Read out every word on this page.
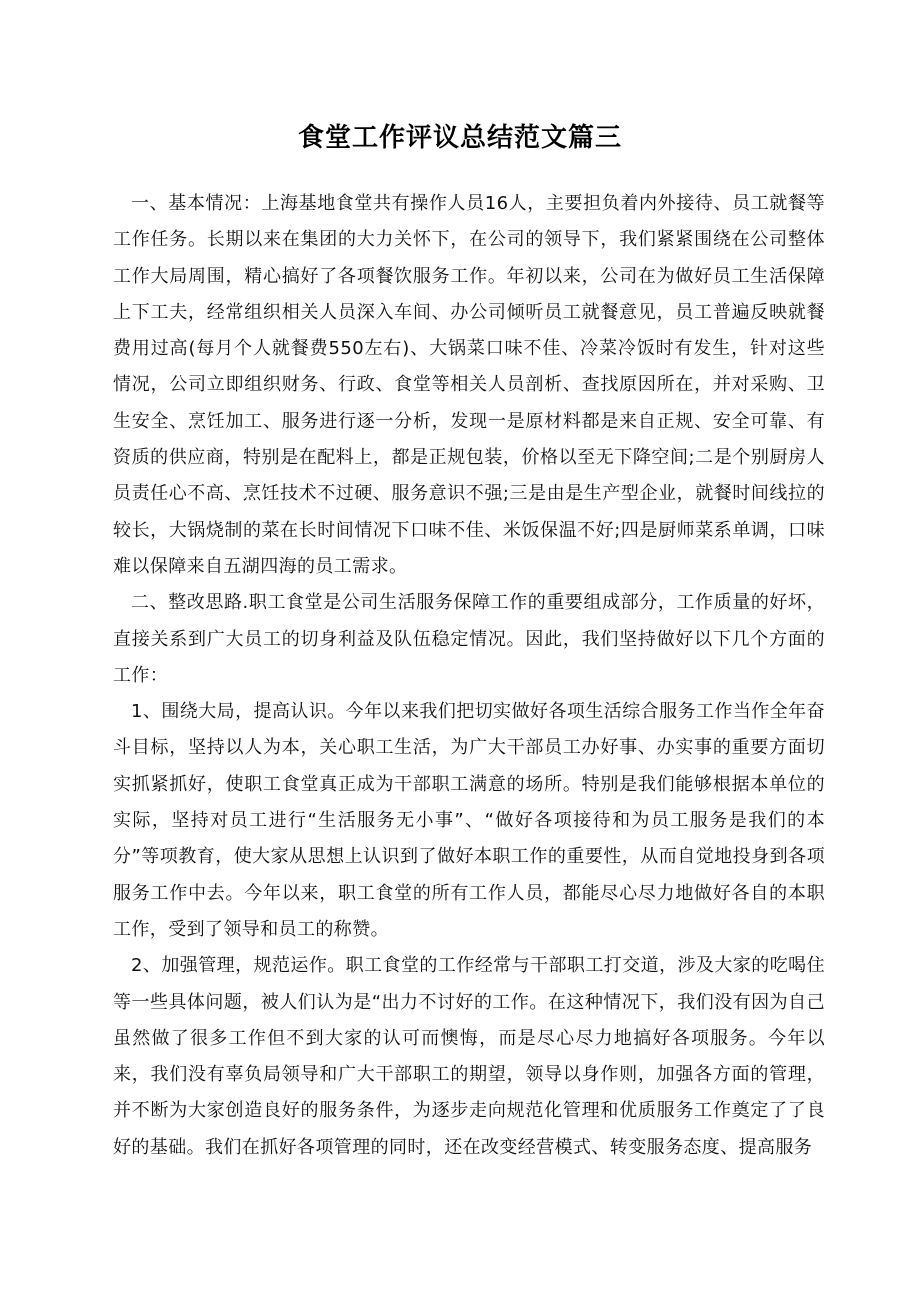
食堂工作评议总结范文篇三

一、基本情况：上海基地食堂共有操作人员16人，主要担负着内外接待、员工就餐等工作任务。长期以来在集团的大力关怀下，在公司的领导下，我们紧紧围绕在公司整体工作大局周围，精心搞好了各项餐饮服务工作。年初以来，公司在为做好员工生活保障上下工夫，经常组织相关人员深入车间、办公司倾听员工就餐意见，员工普遍反映就餐费用过高(每月个人就餐费550左右)、大锅菜口味不佳、冷菜冷饭时有发生，针对这些情况，公司立即组织财务、行政、食堂等相关人员剖析、查找原因所在，并对采购、卫生安全、烹饪加工、服务进行逐一分析，发现一是原材料都是来自正规、安全可靠、有资质的供应商，特别是在配料上，都是正规包装，价格以至无下降空间;二是个别厨房人员责任心不高、烹饪技术不过硬、服务意识不强;三是由是生产型企业，就餐时间线拉的较长，大锅烧制的菜在长时间情况下口味不佳、米饭保温不好;四是厨师菜系单调，口味难以保障来自五湖四海的员工需求。

二、整改思路.职工食堂是公司生活服务保障工作的重要组成部分，工作质量的好坏，直接关系到广大员工的切身利益及队伍稳定情况。因此，我们坚持做好以下几个方面的工作：

1、围绕大局，提高认识。今年以来我们把切实做好各项生活综合服务工作当作全年奋斗目标，坚持以人为本，关心职工生活，为广大干部员工办好事、办实事的重要方面切实抓紧抓好，使职工食堂真正成为干部职工满意的场所。特别是我们能够根据本单位的实际，坚持对员工进行“生活服务无小事”、“做好各项接待和为员工服务是我们的本分”等项教育，使大家从思想上认识到了做好本职工作的重要性，从而自觉地投身到各项服务工作中去。今年以来，职工食堂的所有工作人员，都能尽心尽力地做好各自的本职工作，受到了领导和员工的称赞。

2、加强管理，规范运作。职工食堂的工作经常与干部职工打交道，涉及大家的吃喝住等一些具体问题，被人们认为是“出力不讨好的工作。在这种情况下，我们没有因为自己虽然做了很多工作但不到大家的认可而懊悔，而是尽心尽力地搞好各项服务。今年以来，我们没有辜负局领导和广大干部职工的期望，领导以身作则，加强各方面的管理，并不断为大家创造良好的服务条件，为逐步走向规范化管理和优质服务工作奠定了了良好的基础。我们在抓好各项管理的同时，还在改变经营模式、转变服务态度、提高服务
